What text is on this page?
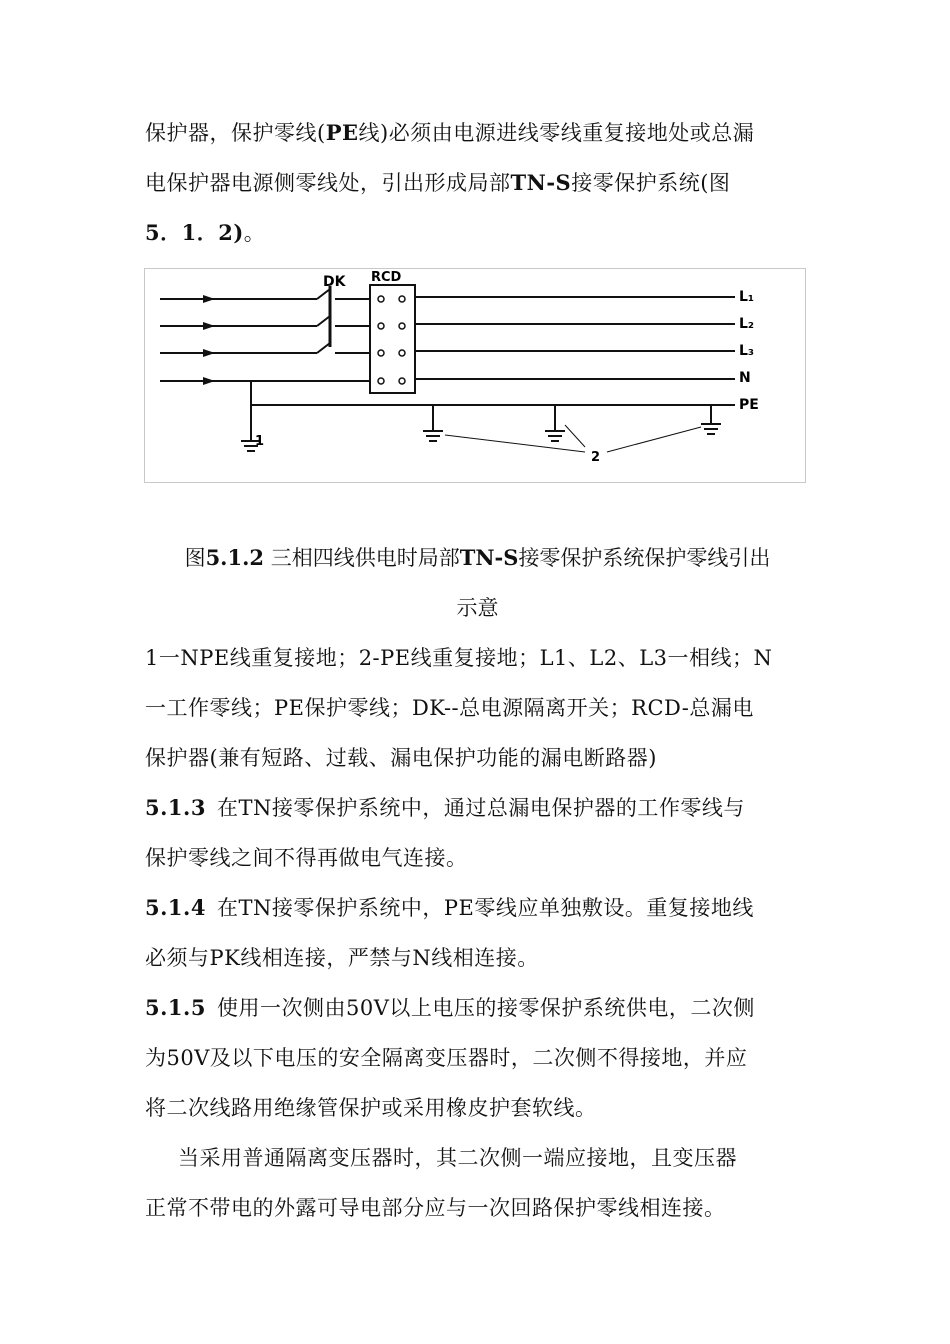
保护器，保护零线(PE线)必须由电源进线零线重复接地处或总漏
电保护器电源侧零线处，引出形成局部TN-S接零保护系统(图
5．1．2)。
DK RCD
L₁
L₂
L₃
N
PE
1
2
图5.1.2 三相四线供电时局部TN-S接零保护系统保护零线引出
示意
1一NPE线重复接地；2-PE线重复接地；L1、L2、L3一相线；N
一工作零线；PE保护零线；DK--总电源隔离开关；RCD-总漏电
保护器(兼有短路、过载、漏电保护功能的漏电断路器)
5.1.3 在TN接零保护系统中，通过总漏电保护器的工作零线与
保护零线之间不得再做电气连接。
5.1.4 在TN接零保护系统中，PE零线应单独敷设。重复接地线
必须与PK线相连接，严禁与N线相连接。
5.1.5 使用一次侧由50V以上电压的接零保护系统供电，二次侧
为50V及以下电压的安全隔离变压器时，二次侧不得接地，并应
将二次线路用绝缘管保护或采用橡皮护套软线。
当采用普通隔离变压器时，其二次侧一端应接地，且变压器
正常不带电的外露可导电部分应与一次回路保护零线相连接。
